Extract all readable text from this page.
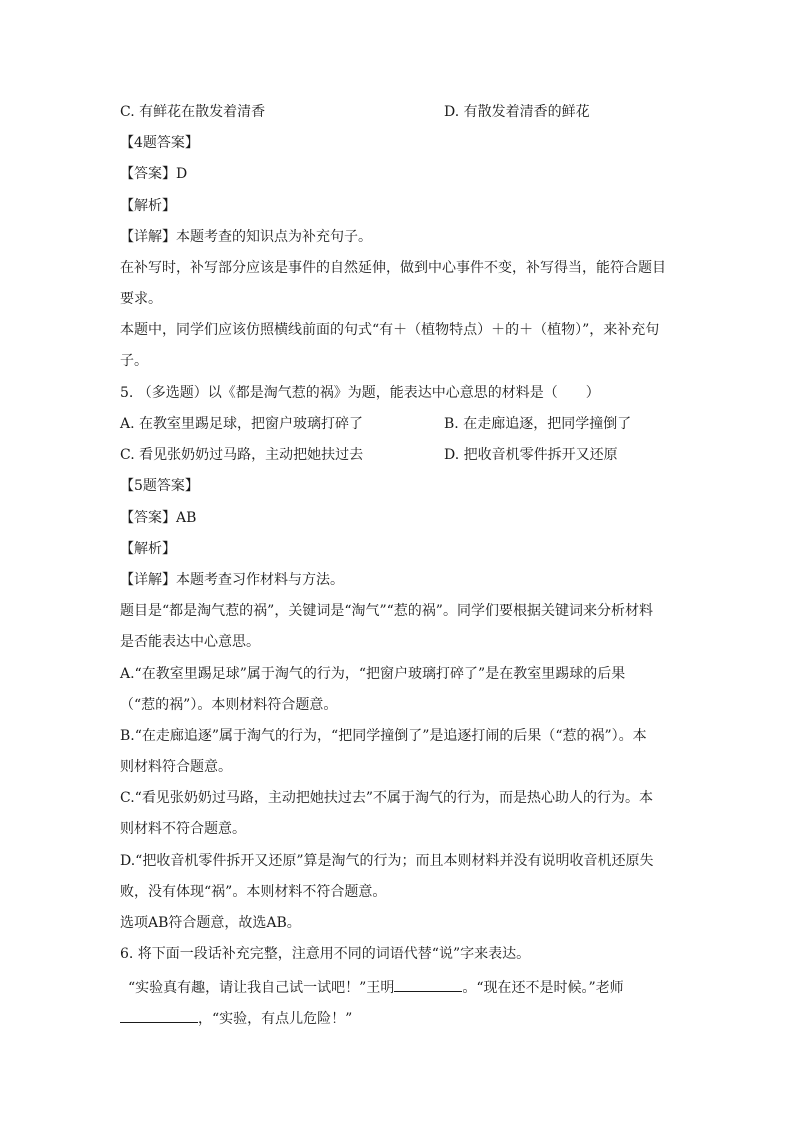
C. 有鲜花在散发着清香	D. 有散发着清香的鲜花
【4题答案】
【答案】D
【解析】
【详解】本题考查的知识点为补充句子。
在补写时，补写部分应该是事件的自然延伸，做到中心事件不变，补写得当，能符合题目
要求。
本题中，同学们应该仿照横线前面的句式“有＋（植物特点）＋的＋（植物）”，来补充句
子。
5. （多选题）以《都是淘气惹的祸》为题，能表达中心意思的材料是（　　）
A. 在教室里踢足球，把窗户玻璃打碎了	B. 在走廊追逐，把同学撞倒了
C. 看见张奶奶过马路，主动把她扶过去	D. 把收音机零件拆开又还原
【5题答案】
【答案】AB
【解析】
【详解】本题考查习作材料与方法。
题目是“都是淘气惹的祸”，关键词是“淘气”“惹的祸”。同学们要根据关键词来分析材料
是否能表达中心意思。
A.“在教室里踢足球”属于淘气的行为，“把窗户玻璃打碎了”是在教室里踢球的后果
（“惹的祸”）。本则材料符合题意。
B.“在走廊追逐”属于淘气的行为，“把同学撞倒了”是追逐打闹的后果（“惹的祸”）。本
则材料符合题意。
C.“看见张奶奶过马路，主动把她扶过去”不属于淘气的行为，而是热心助人的行为。本
则材料不符合题意。
D.“把收音机零件拆开又还原”算是淘气的行为；而且本则材料并没有说明收音机还原失
败，没有体现“祸”。本则材料不符合题意。
选项AB符合题意，故选AB。
6. 将下面一段话补充完整，注意用不同的词语代替“说”字来表达。
“实验真有趣，请让我自己试一试吧！”王明	。“现在还不是时候。”老师
，“实验，有点儿危险！”
